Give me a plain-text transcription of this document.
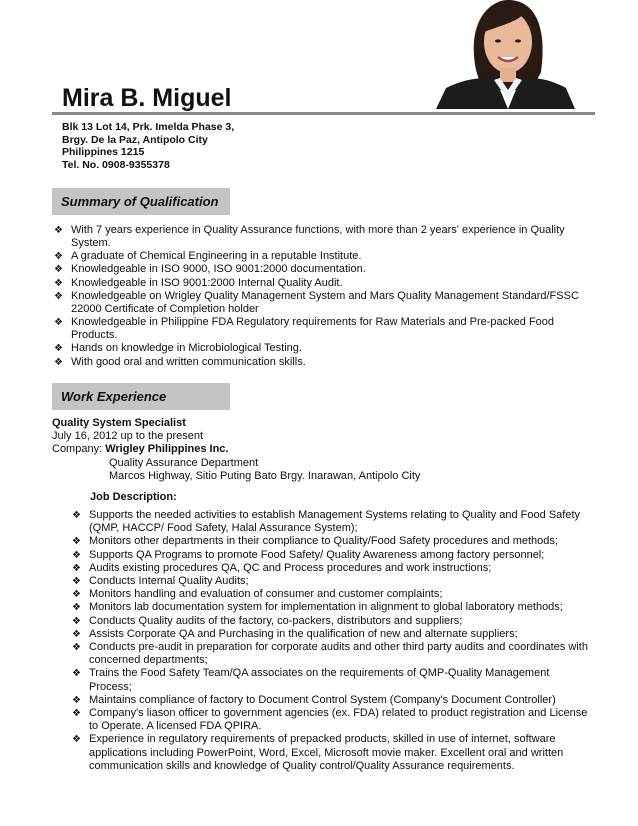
Mira B. Miguel
Blk 13 Lot 14, Prk. Imelda Phase 3,
Brgy. De la Paz, Antipolo City
Philippines 1215
Tel. No. 0908-9355378
Summary of Qualification
❖ With 7 years experience in Quality Assurance functions, with more than 2 years' experience in Quality System.
❖ A graduate of Chemical Engineering in a reputable Institute.
❖ Knowledgeable in ISO 9000, ISO 9001:2000 documentation.
❖ Knowledgeable in ISO 9001:2000 Internal Quality Audit.
❖ Knowledgeable on Wrigley Quality Management System and Mars Quality Management Standard/FSSC 22000 Certificate of Completion holder
❖ Knowledgeable in Philippine FDA Regulatory requirements for Raw Materials and Pre-packed Food Products.
❖ Hands on knowledge in Microbiological Testing.
❖ With good oral and written communication skills.
Work Experience
Quality System Specialist
July 16, 2012 up to the present
Company: Wrigley Philippines Inc.
Quality Assurance Department
Marcos Highway, Sitio Puting Bato Brgy. Inarawan, Antipolo City
Job Description:
❖ Supports the needed activities to establish Management Systems relating to Quality and Food Safety (QMP, HACCP/ Food Safety, Halal Assurance System);
❖ Monitors other departments in their compliance to Quality/Food Safety procedures and methods;
❖ Supports QA Programs to promote Food Safety/ Quality Awareness among factory personnel;
❖ Audits existing procedures QA, QC and Process procedures and work instructions;
❖ Conducts Internal Quality Audits;
❖ Monitors handling and evaluation of consumer and customer complaints;
❖ Monitors lab documentation system for implementation in alignment to global laboratory methods;
❖ Conducts Quality audits of the factory, co-packers, distributors and suppliers;
❖ Assists Corporate QA and Purchasing in the qualification of new and alternate suppliers;
❖ Conducts pre-audit in preparation for corporate audits and other third party audits and coordinates with concerned departments;
❖ Trains the Food Safety Team/QA associates on the requirements of QMP-Quality Management Process;
❖ Maintains compliance of factory to Document Control System (Company's Document Controller)
❖ Company's liason officer to government agencies (ex. FDA) related to product registration and License to Operate. A licensed FDA QPIRA.
❖ Experience in regulatory requirements of prepacked products, skilled in use of internet, software applications including PowerPoint, Word, Excel, Microsoft movie maker. Excellent oral and written communication skills and knowledge of Quality control/Quality Assurance requirements.
